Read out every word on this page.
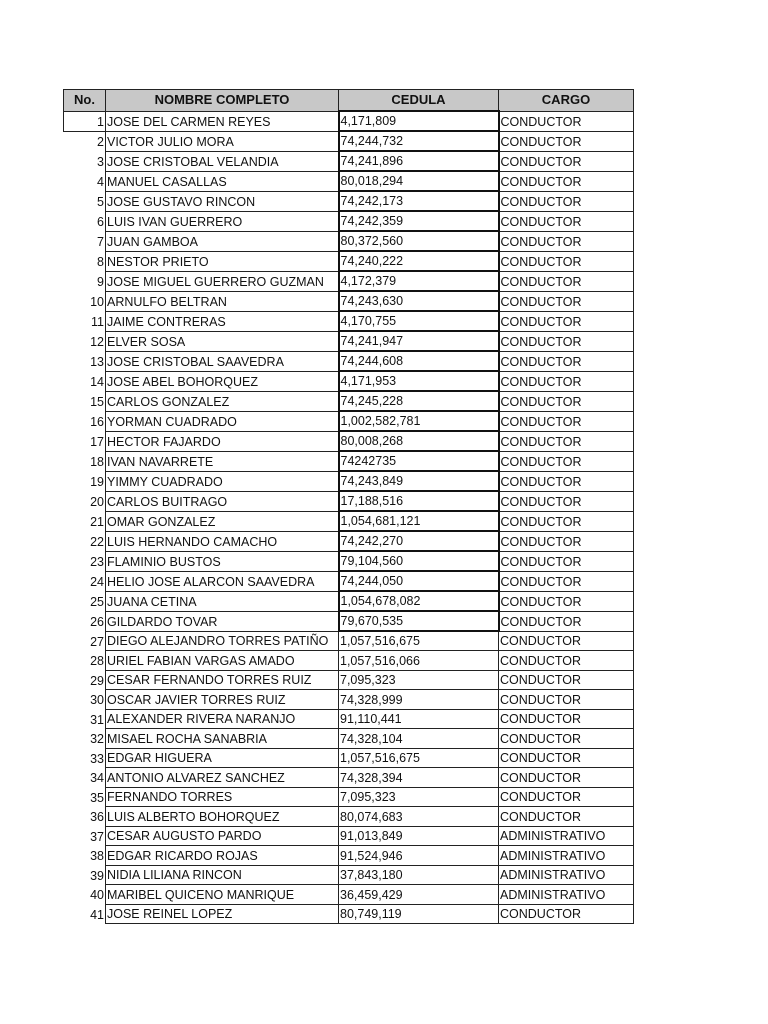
No.	NOMBRE COMPLETO	CEDULA	CARGO
1	JOSE DEL CARMEN REYES	4,171,809	CONDUCTOR
2	VICTOR JULIO MORA	74,244,732	CONDUCTOR
3	JOSE CRISTOBAL VELANDIA	74,241,896	CONDUCTOR
4	MANUEL CASALLAS	80,018,294	CONDUCTOR
5	JOSE GUSTAVO RINCON	74,242,173	CONDUCTOR
6	LUIS IVAN GUERRERO	74,242,359	CONDUCTOR
7	JUAN GAMBOA	80,372,560	CONDUCTOR
8	NESTOR PRIETO	74,240,222	CONDUCTOR
9	JOSE MIGUEL GUERRERO GUZMAN	4,172,379	CONDUCTOR
10	ARNULFO BELTRAN	74,243,630	CONDUCTOR
11	JAIME CONTRERAS	4,170,755	CONDUCTOR
12	ELVER SOSA	74,241,947	CONDUCTOR
13	JOSE CRISTOBAL SAAVEDRA	74,244,608	CONDUCTOR
14	JOSE ABEL BOHORQUEZ	4,171,953	CONDUCTOR
15	CARLOS GONZALEZ	74,245,228	CONDUCTOR
16	YORMAN CUADRADO	1,002,582,781	CONDUCTOR
17	HECTOR FAJARDO	80,008,268	CONDUCTOR
18	IVAN NAVARRETE	74242735	CONDUCTOR
19	YIMMY CUADRADO	74,243,849	CONDUCTOR
20	CARLOS BUITRAGO	17,188,516	CONDUCTOR
21	OMAR GONZALEZ	1,054,681,121	CONDUCTOR
22	LUIS HERNANDO CAMACHO	74,242,270	CONDUCTOR
23	FLAMINIO BUSTOS	79,104,560	CONDUCTOR
24	HELIO JOSE ALARCON SAAVEDRA	74,244,050	CONDUCTOR
25	JUANA CETINA	1,054,678,082	CONDUCTOR
26	GILDARDO TOVAR	79,670,535	CONDUCTOR
27	DIEGO ALEJANDRO TORRES PATIÑO	1,057,516,675	CONDUCTOR
28	URIEL FABIAN VARGAS AMADO	1,057,516,066	CONDUCTOR
29	CESAR FERNANDO TORRES RUIZ	7,095,323	CONDUCTOR
30	OSCAR JAVIER TORRES RUIZ	74,328,999	CONDUCTOR
31	ALEXANDER RIVERA NARANJO	91,110,441	CONDUCTOR
32	MISAEL ROCHA SANABRIA	74,328,104	CONDUCTOR
33	EDGAR HIGUERA	1,057,516,675	CONDUCTOR
34	ANTONIO ALVAREZ SANCHEZ	74,328,394	CONDUCTOR
35	FERNANDO TORRES	7,095,323	CONDUCTOR
36	LUIS ALBERTO BOHORQUEZ	80,074,683	CONDUCTOR
37	CESAR AUGUSTO PARDO	91,013,849	ADMINISTRATIVO
38	EDGAR RICARDO ROJAS	91,524,946	ADMINISTRATIVO
39	NIDIA LILIANA RINCON	37,843,180	ADMINISTRATIVO
40	MARIBEL QUICENO MANRIQUE	36,459,429	ADMINISTRATIVO
41	JOSE REINEL LOPEZ	80,749,119	CONDUCTOR
